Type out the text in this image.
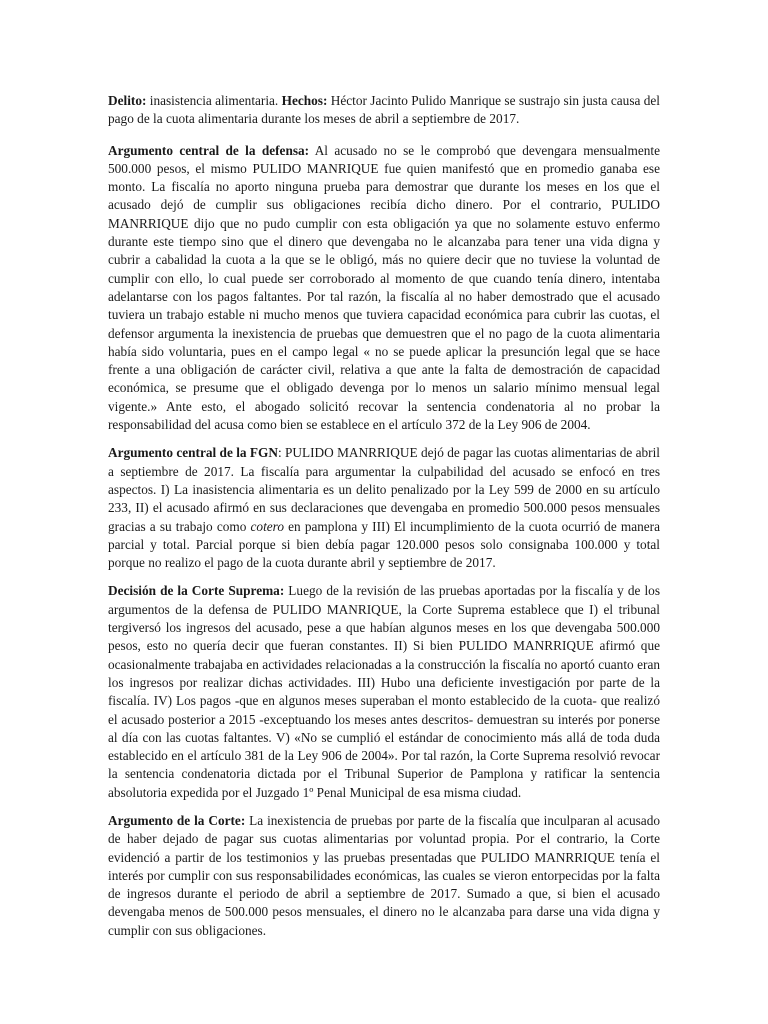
Delito: inasistencia alimentaria. Hechos: Héctor Jacinto Pulido Manrique se sustrajo sin justa causa del pago de la cuota alimentaria durante los meses de abril a septiembre de 2017.

Argumento central de la defensa: Al acusado no se le comprobó que devengara mensualmente 500.000 pesos, el mismo PULIDO MANRIQUE fue quien manifestó que en promedio ganaba ese monto. La fiscalía no aporto ninguna prueba para demostrar que durante los meses en los que el acusado dejó de cumplir sus obligaciones recibía dicho dinero. Por el contrario, PULIDO MANRRIQUE dijo que no pudo cumplir con esta obligación ya que no solamente estuvo enfermo durante este tiempo sino que el dinero que devengaba no le alcanzaba para tener una vida digna y cubrir a cabalidad la cuota a la que se le obligó, más no quiere decir que no tuviese la voluntad de cumplir con ello, lo cual puede ser corroborado al momento de que cuando tenía dinero, intentaba adelantarse con los pagos faltantes. Por tal razón, la fiscalía al no haber demostrado que el acusado tuviera un trabajo estable ni mucho menos que tuviera capacidad económica para cubrir las cuotas, el defensor argumenta la inexistencia de pruebas que demuestren que el no pago de la cuota alimentaria había sido voluntaria, pues en el campo legal « no se puede aplicar la presunción legal que se hace frente a una obligación de carácter civil, relativa a que ante la falta de demostración de capacidad económica, se presume que el obligado devenga por lo menos un salario mínimo mensual legal vigente.» Ante esto, el abogado solicitó recovar la sentencia condenatoria al no probar la responsabilidad del acusa como bien se establece en el artículo 372 de la Ley 906 de 2004.

Argumento central de la FGN: PULIDO MANRRIQUE dejó de pagar las cuotas alimentarias de abril a septiembre de 2017. La fiscalía para argumentar la culpabilidad del acusado se enfocó en tres aspectos. I) La inasistencia alimentaria es un delito penalizado por la Ley 599 de 2000 en su artículo 233, II) el acusado afirmó en sus declaraciones que devengaba en promedio 500.000 pesos mensuales gracias a su trabajo como cotero en pamplona y III) El incumplimiento de la cuota ocurrió de manera parcial y total. Parcial porque si bien debía pagar 120.000 pesos solo consignaba 100.000 y total porque no realizo el pago de la cuota durante abril y septiembre de 2017.

Decisión de la Corte Suprema: Luego de la revisión de las pruebas aportadas por la fiscalía y de los argumentos de la defensa de PULIDO MANRIQUE, la Corte Suprema establece que I) el tribunal tergiversó los ingresos del acusado, pese a que habían algunos meses en los que devengaba 500.000 pesos, esto no quería decir que fueran constantes. II) Si bien PULIDO MANRRIQUE afirmó que ocasionalmente trabajaba en actividades relacionadas a la construcción la fiscalía no aportó cuanto eran los ingresos por realizar dichas actividades. III) Hubo una deficiente investigación por parte de la fiscalía. IV) Los pagos -que en algunos meses superaban el monto establecido de la cuota- que realizó el acusado posterior a 2015 -exceptuando los meses antes descritos- demuestran su interés por ponerse al día con las cuotas faltantes. V) «No se cumplió el estándar de conocimiento más allá de toda duda establecido en el artículo 381 de la Ley 906 de 2004». Por tal razón, la Corte Suprema resolvió revocar la sentencia condenatoria dictada por el Tribunal Superior de Pamplona y ratificar la sentencia absolutoria expedida por el Juzgado 1º Penal Municipal de esa misma ciudad.

Argumento de la Corte: La inexistencia de pruebas por parte de la fiscalía que inculparan al acusado de haber dejado de pagar sus cuotas alimentarias por voluntad propia. Por el contrario, la Corte evidenció a partir de los testimonios y las pruebas presentadas que PULIDO MANRRIQUE tenía el interés por cumplir con sus responsabilidades económicas, las cuales se vieron entorpecidas por la falta de ingresos durante el periodo de abril a septiembre de 2017. Sumado a que, si bien el acusado devengaba menos de 500.000 pesos mensuales, el dinero no le alcanzaba para darse una vida digna y cumplir con sus obligaciones.
